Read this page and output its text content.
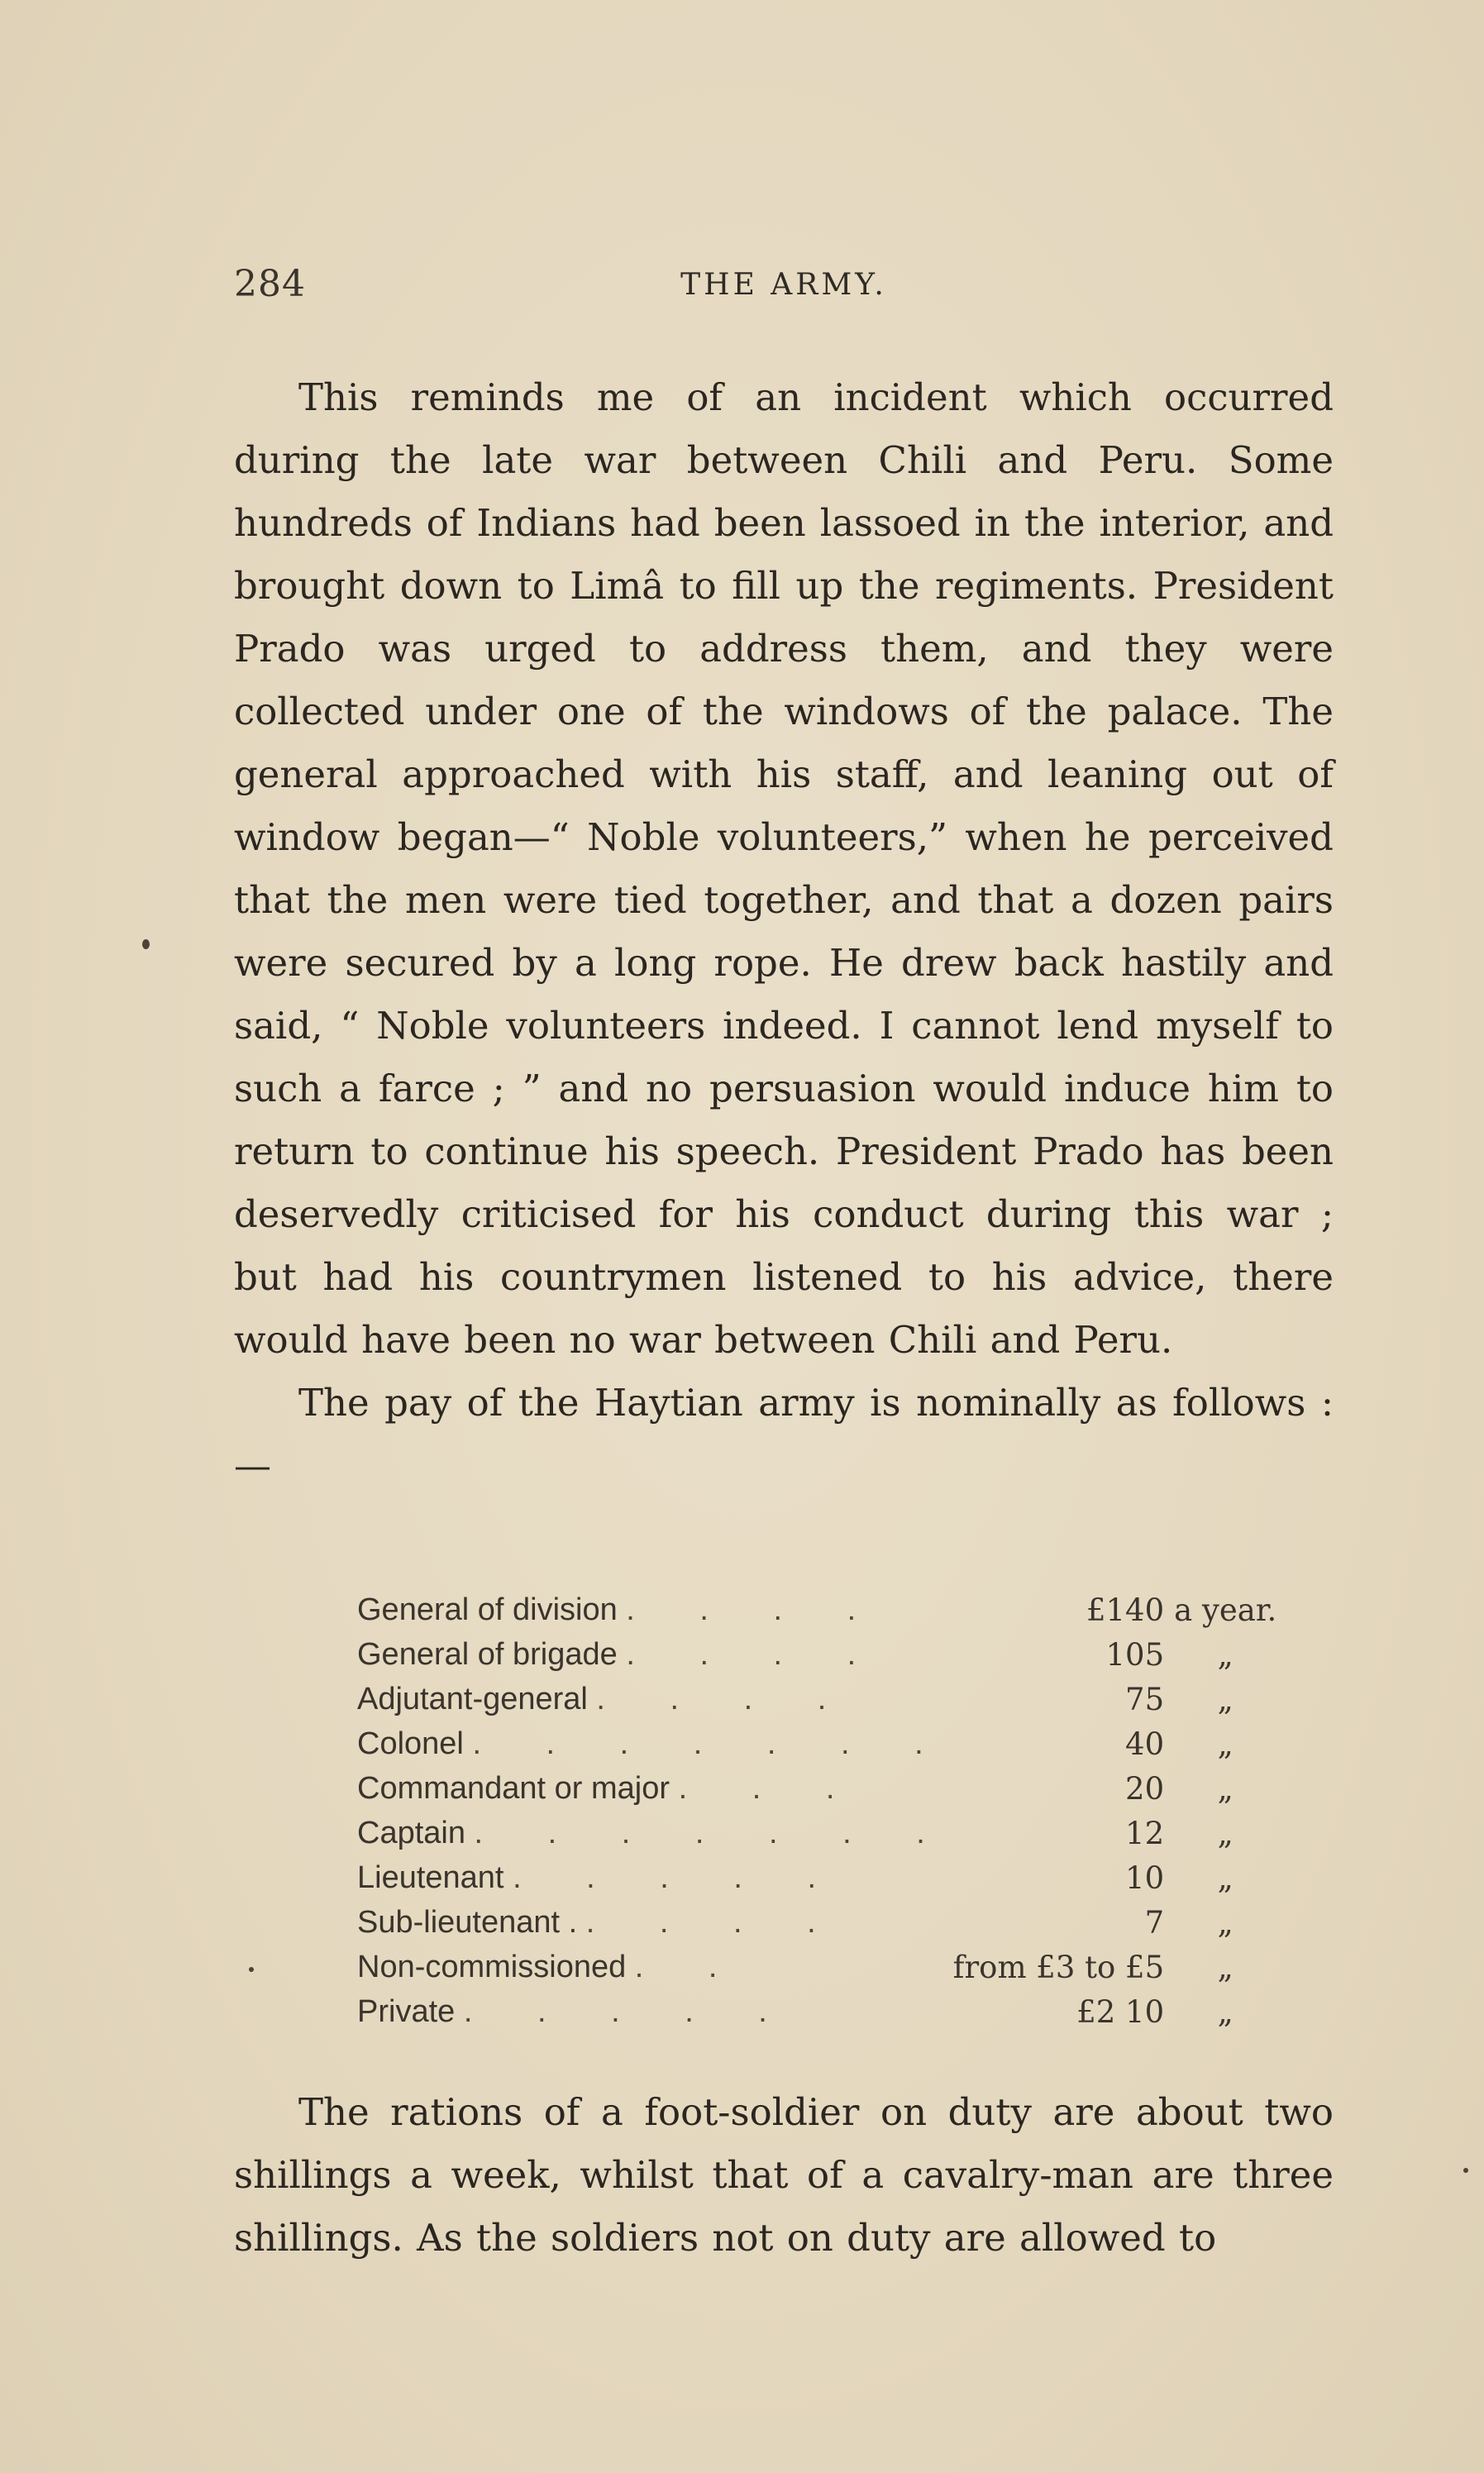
284	THE ARMY.

This reminds me of an incident which occurred during the late war between Chili and Peru. Some hundreds of Indians had been lassoed in the interior, and brought down to Limâ to fill up the regiments. President Prado was urged to address them, and they were collected under one of the windows of the palace. The general approached with his staff, and leaning out of window began—“ Noble volunteers,” when he perceived that the men were tied together, and that a dozen pairs were secured by a long rope. He drew back hastily and said, “ Noble volunteers indeed. I cannot lend myself to such a farce ; ” and no persuasion would induce him to return to continue his speech. President Prado has been deservedly criticised for his conduct during this war ; but had his countrymen listened to his advice, there would have been no war between Chili and Peru.

The pay of the Haytian army is nominally as follows :—

General of division . . . .	£140	a year.
General of brigade . . . .	105	„
Adjutant-general . . . .	75	„
Colonel . . . . . . .	40	„
Commandant or major . . .	20	„
Captain . . . . . . .	12	„
Lieutenant . . . . .	10	„
Sub-lieutenant . . . . .	7	„
Non-commissioned . .	from £3 to £5	„
Private . . . . .	£2 10	„

The rations of a foot-soldier on duty are about two shillings a week, whilst that of a cavalry-man are three shillings. As the soldiers not on duty are allowed to
